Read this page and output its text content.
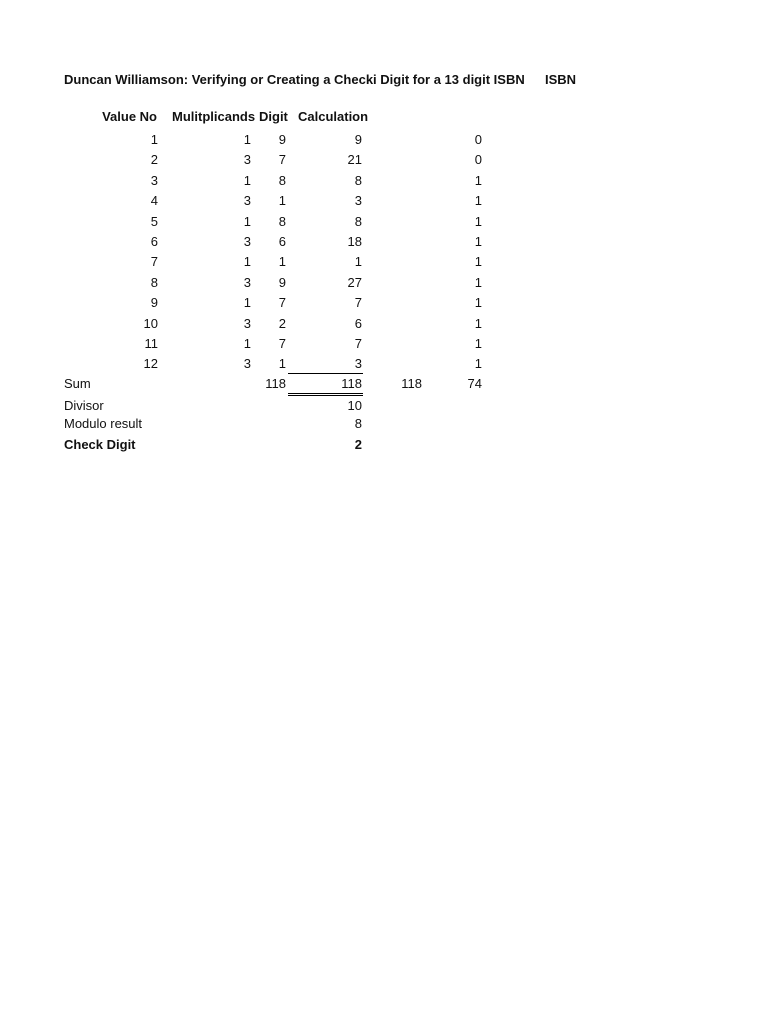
Duncan Williamson: Verifying or Creating a Checki Digit for a 13 digit ISBN ISBN
Value No Mulitplicands Digit Calculation
1	1	9	9	0
2	3	7	21	0
3	1	8	8	1
4	3	1	3	1
5	1	8	8	1
6	3	6	18	1
7	1	1	1	1
8	3	9	27	1
9	1	7	7	1
10	3	2	6	1
11	1	7	7	1
12	3	1	3	1
Sum	118	118	118	74
Divisor	10
Modulo result	8
Check Digit	2
